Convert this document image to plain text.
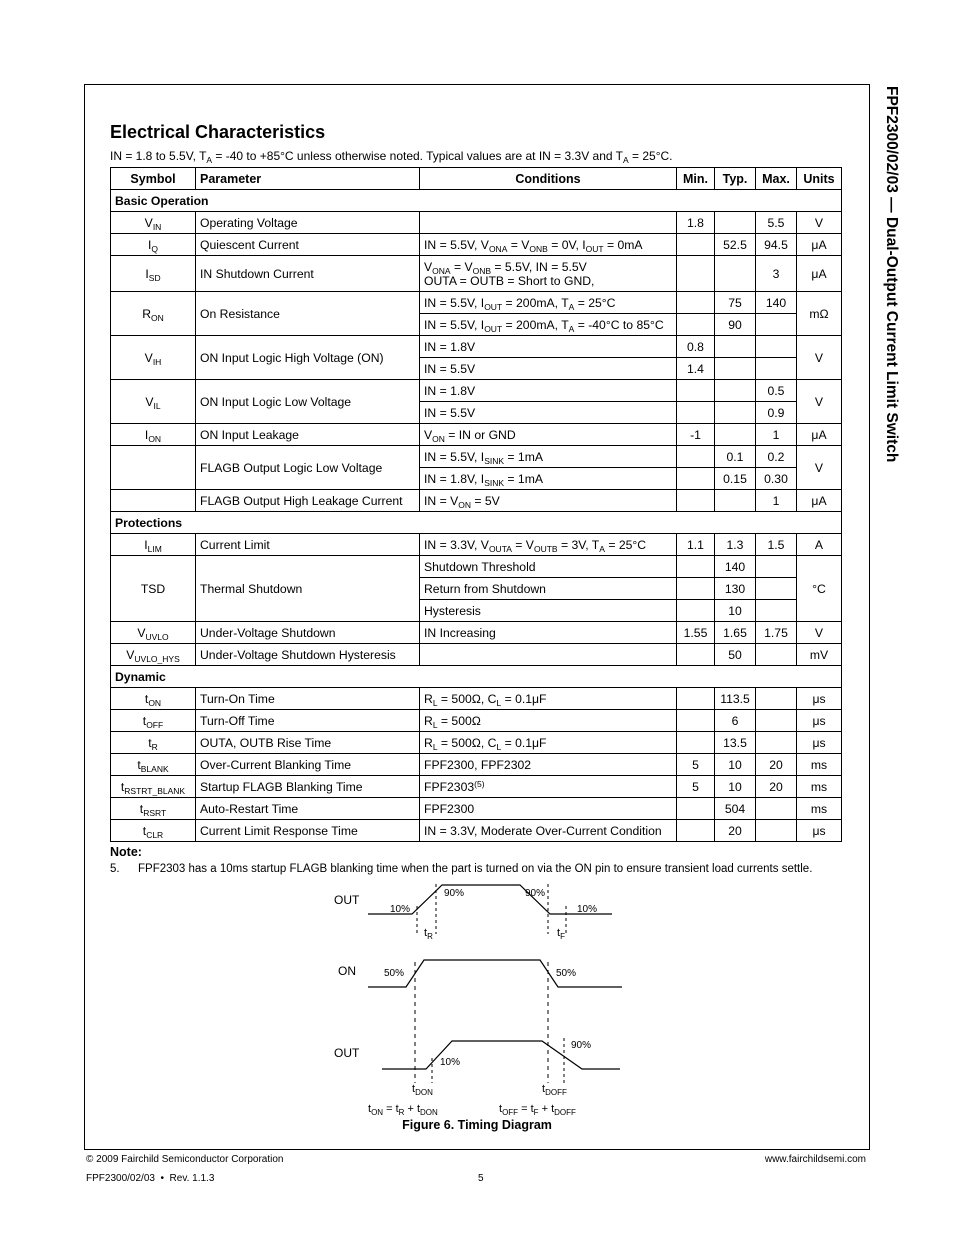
FPF2300/02/03 — Dual-Output Current Limit Switch
Electrical Characteristics
IN = 1.8 to 5.5V, $T_A = -40$ to +85°C unless otherwise noted. Typical values are at IN = 3.3V and $T_A = 25^\circ C$.
Symbol	Parameter	Conditions	Min.	Typ.	Max.	Units
Basic Operation						
$V_{IN}$	Operating Voltage		1.8		5.5	V
$I_Q$	Quiescent Current	IN = 5.5V, $V_{ONA} = V_{ONB} = 0V$, $I_{OUT} = 0mA$		52.5	94.5	μA
$I_{SD}$	IN Shutdown Current	$V_{ONA} = V_{ONB} = 5.5V$, IN = 5.5V
OUTA = OUTB = Short to GND,			3	μA
$R_{ON}$	On Resistance	IN = 5.5V, $I_{OUT} = 200mA$, $T_A = 25^\circ C$		75	140	mΩ
		IN = 5.5V, $I_{OUT} = 200mA$, $T_A = -40^\circ C$ to 85°C		90		
$V_{IH}$	ON Input Logic High Voltage (ON)	IN = 1.8V	0.8			V
		IN = 5.5V	1.4			
$V_{IL}$	ON Input Logic Low Voltage	IN = 1.8V			0.5	V
		IN = 5.5V			0.9	
$I_{ON}$	ON Input Leakage	$V_{ON}$ = IN or GND	-1		1	μA
	FLAGB Output Logic Low Voltage	IN = 5.5V, $I_{SINK} = 1mA$		0.1	0.2	V
		IN = 1.8V, $I_{SINK} = 1mA$		0.15	0.30	
	FLAGB Output High Leakage Current	IN = $V_{ON} = 5V$			1	μA
Protections						
$I_{LIM}$	Current Limit	IN = 3.3V, $V_{OUTA} = V_{OUTB} = 3V$, $T_A = 25^\circ C$	1.1	1.3	1.5	A
TSD	Thermal Shutdown	Shutdown Threshold		140		°C
		Return from Shutdown		130		
		Hysteresis		10		
$V_{UVLO}$	Under-Voltage Shutdown	IN Increasing	1.55	1.65	1.75	V
$V_{UVLO\_HYS}$	Under-Voltage Shutdown Hysteresis			50		mV
Dynamic						
$t_{ON}$	Turn-On Time	$R_L = 500\Omega$, $C_L = 0.1\mu F$		113.5		μs
$t_{OFF}$	Turn-Off Time	$R_L = 500\Omega$		6		μs
$t_R$	OUTA, OUTB Rise Time	$R_L = 500\Omega$, $C_L = 0.1\mu F$		13.5		μs
$t_{BLANK}$	Over-Current Blanking Time	FPF2300, FPF2302	5	10	20	ms
$t_{RSTRT\_BLANK}$	Startup FLAGB Blanking Time	FPF2303$^{(5)}$	5	10	20	ms
$t_{RSRT}$	Auto-Restart Time	FPF2300		504		ms
$t_{CLR}$	Current Limit Response Time	IN = 3.3V, Moderate Over-Current Condition		20		μs
Note:
5. FPF2303 has a 10ms startup FLAGB blanking time when the part is turned on via the ON pin to ensure transient load currents settle.
OUT
10%
90%	90%
10%
$t_R$	$t_F$
ON	50%	50%
OUT
10%
90%
$t_{DON}$	$t_{DOFF}$
$t_{ON} = t_R + t_{DON}$	$t_{OFF} = t_F + t_{DOFF}$
Figure 6. Timing Diagram
© 2009 Fairchild Semiconductor Corporation
FPF2300/02/03  •  Rev. 1.1.3	5
www.fairchildsemi.com
